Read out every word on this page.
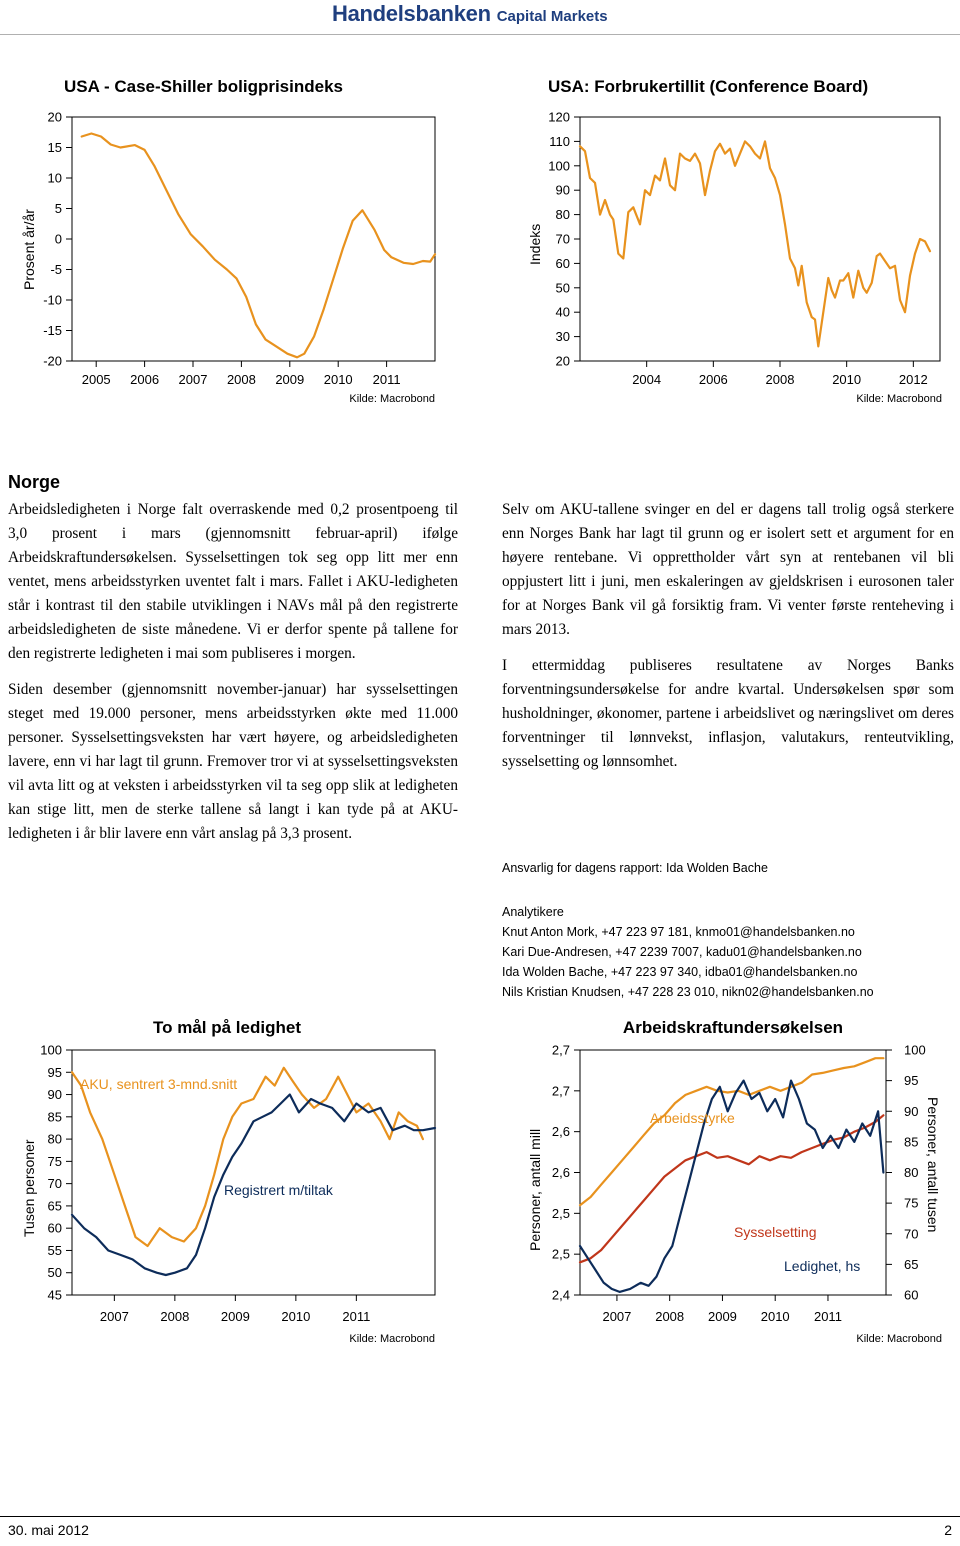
Handelsbanken Capital Markets
USA - Case-Shiller boligprisindeks
20
15
10
5
0
-5
-10
-15
-20
2005 2006 2007 2008 2009 2010 2011
Prosent år/år
Kilde: Macrobond
USA: Forbrukertillit (Conference Board)
120
110
100
90
80
70
60
50
40
30
20
2004	2006	2008	2010	2012
Indeks
Kilde: Macrobond
Norge

Arbeidsledigheten i Norge falt overraskende med 0,2 prosentpoeng til 3,0 prosent i mars (gjennomsnitt februar-april) ifølge Arbeidskraftundersøkelsen. Sysselsettingen tok seg opp litt mer enn ventet, mens arbeidsstyrken uventet falt i mars. Fallet i AKU-ledigheten står i kontrast til den stabile utviklingen i NAVs mål på den registrerte arbeidsledigheten de siste månedene. Vi er derfor spente på tallene for den registrerte ledigheten i mai som publiseres i morgen.

Siden desember (gjennomsnitt november-januar) har sysselsettingen steget med 19.000 personer, mens arbeidsstyrken økte med 11.000 personer. Sysselsettingsveksten har vært høyere, og arbeidsledigheten lavere, enn vi har lagt til grunn. Fremover tror vi at sysselsettingsveksten vil avta litt og at veksten i arbeidsstyrken vil ta seg opp slik at ledigheten kan stige litt, men de sterke tallene så langt i kan tyde på at AKU-ledigheten i år blir lavere enn vårt anslag på 3,3 prosent.

Selv om AKU-tallene svinger en del er dagens tall trolig også sterkere enn Norges Bank har lagt til grunn og er isolert sett et argument for en høyere rentebane. Vi opprettholder vårt syn at rentebanen vil bli oppjustert litt i juni, men eskaleringen av gjeldskrisen i eurosonen taler for at Norges Bank vil gå forsiktig fram. Vi venter første renteheving i mars 2013.

I ettermiddag publiseres resultatene av Norges Banks forventningsundersøkelse for andre kvartal. Undersøkelsen spør som husholdninger, økonomer, partene i arbeidslivet og næringslivet om deres forventninger til lønnvekst, inflasjon, valutakurs, renteutvikling, sysselsetting og lønnsomhet.

Ansvarlig for dagens rapport: Ida Wolden Bache
Analytikere
Knut Anton Mork, +47 223 97 181, knmo01@handelsbanken.no
Kari Due-Andresen, +47 2239 7007, kadu01@handelsbanken.no
Ida Wolden Bache, +47 223 97 340, idba01@handelsbanken.no
Nils Kristian Knudsen, +47 228 23 010, nikn02@handelsbanken.no
To mål på ledighet
100
95
90
85
80
75
70
65
60
55
50
45
2007 2008 2009 2010 2011
AKU, sentrert 3-mnd.snitt
Registrert m/tiltak
Tusen personer
Kilde: Macrobond
Arbeidskraftundersøkelsen
2,7
2,7
2,6
2,6
2,5
2,5
2,4
100
95
90
85
80
75
70
65
60
2007 2008 2009 2010 2011
Arbeidsstyrke
Sysselsetting
Ledighet, hs
Personer, antall mill	Personer, antall tusen
Kilde: Macrobond
30. mai 2012	2
